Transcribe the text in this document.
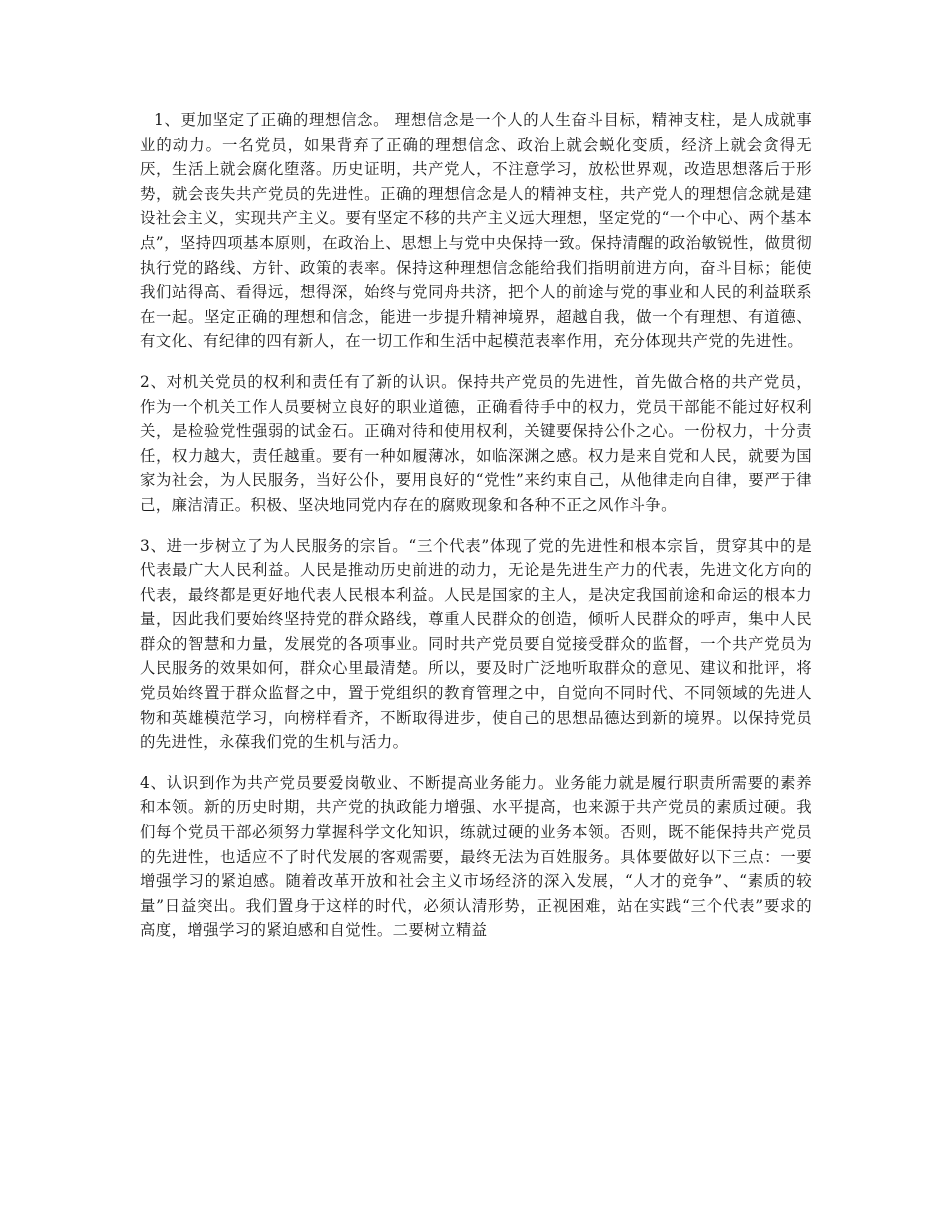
1、更加坚定了正确的理想信念。 理想信念是一个人的人生奋斗目标，精神支柱，是人成就事业的动力。一名党员，如果背弃了正确的理想信念、政治上就会蜕化变质，经济上就会贪得无厌，生活上就会腐化堕落。历史证明，共产党人，不注意学习，放松世界观，改造思想落后于形势，就会丧失共产党员的先进性。正确的理想信念是人的精神支柱，共产党人的理想信念就是建设社会主义，实现共产主义。要有坚定不移的共产主义远大理想，坚定党的“一个中心、两个基本点”，坚持四项基本原则，在政治上、思想上与党中央保持一致。保持清醒的政治敏锐性，做贯彻执行党的路线、方针、政策的表率。保持这种理想信念能给我们指明前进方向，奋斗目标；能使我们站得高、看得远，想得深，始终与党同舟共济，把个人的前途与党的事业和人民的利益联系在一起。坚定正确的理想和信念，能进一步提升精神境界，超越自我，做一个有理想、有道德、有文化、有纪律的四有新人，在一切工作和生活中起模范表率作用，充分体现共产党的先进性。

2、对机关党员的权利和责任有了新的认识。保持共产党员的先进性，首先做合格的共产党员，作为一个机关工作人员要树立良好的职业道德，正确看待手中的权力，党员干部能不能过好权利关，是检验党性强弱的试金石。正确对待和使用权利，关键要保持公仆之心。一份权力，十分责任，权力越大，责任越重。要有一种如履薄冰，如临深渊之感。权力是来自党和人民，就要为国家为社会，为人民服务，当好公仆，要用良好的“党性”来约束自己，从他律走向自律，要严于律己，廉洁清正。积极、坚决地同党内存在的腐败现象和各种不正之风作斗争。

3、进一步树立了为人民服务的宗旨。“三个代表”体现了党的先进性和根本宗旨，贯穿其中的是代表最广大人民利益。人民是推动历史前进的动力，无论是先进生产力的代表，先进文化方向的代表，最终都是更好地代表人民根本利益。人民是国家的主人，是决定我国前途和命运的根本力量，因此我们要始终坚持党的群众路线，尊重人民群众的创造，倾听人民群众的呼声，集中人民群众的智慧和力量，发展党的各项事业。同时共产党员要自觉接受群众的监督，一个共产党员为人民服务的效果如何，群众心里最清楚。所以，要及时广泛地听取群众的意见、建议和批评，将党员始终置于群众监督之中，置于党组织的教育管理之中，自觉向不同时代、不同领域的先进人物和英雄模范学习，向榜样看齐，不断取得进步，使自己的思想品德达到新的境界。以保持党员的先进性，永葆我们党的生机与活力。

4、认识到作为共产党员要爱岗敬业、不断提高业务能力。业务能力就是履行职责所需要的素养和本领。新的历史时期，共产党的执政能力增强、水平提高，也来源于共产党员的素质过硬。我们每个党员干部必须努力掌握科学文化知识，练就过硬的业务本领。否则，既不能保持共产党员的先进性，也适应不了时代发展的客观需要，最终无法为百姓服务。具体要做好以下三点：一要增强学习的紧迫感。随着改革开放和社会主义市场经济的深入发展，“人才的竞争”、“素质的较量”日益突出。我们置身于这样的时代，必须认清形势，正视困难，站在实践“三个代表”要求的高度，增强学习的紧迫感和自觉性。二要树立精益
